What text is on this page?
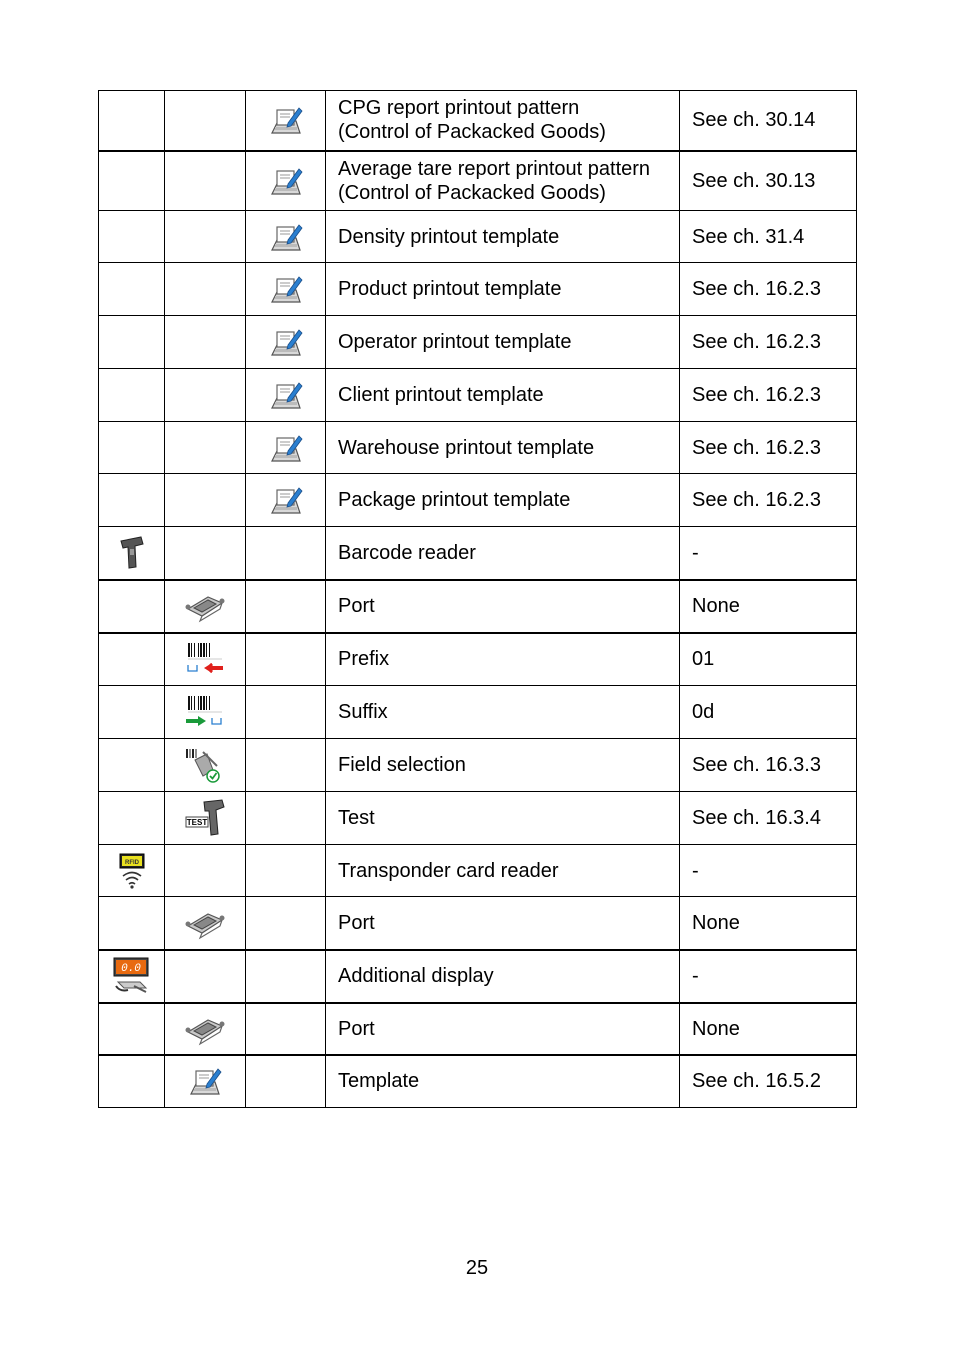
	CPG report printout pattern
(Control of Packacked Goods)	See ch. 30.14

	Average tare report printout pattern
(Control of Packacked Goods)	See ch. 30.13

	Density printout template	See ch. 31.4

	Product printout template	See ch. 16.2.3

	Operator printout template	See ch. 16.2.3

	Client printout template	See ch. 16.2.3

	Warehouse printout template	See ch. 16.2.3

	Package printout template	See ch. 16.2.3

			Barcode reader	-

		Port	None

		Prefix	01

		Suffix	0d

		Field selection	See ch. 16.3.3

TEST		Test	See ch. 16.3.4

RFID			Transponder card reader	-

		Port	None

0.0			Additional display	-

		Port	None

		Template	See ch. 16.5.2
25
